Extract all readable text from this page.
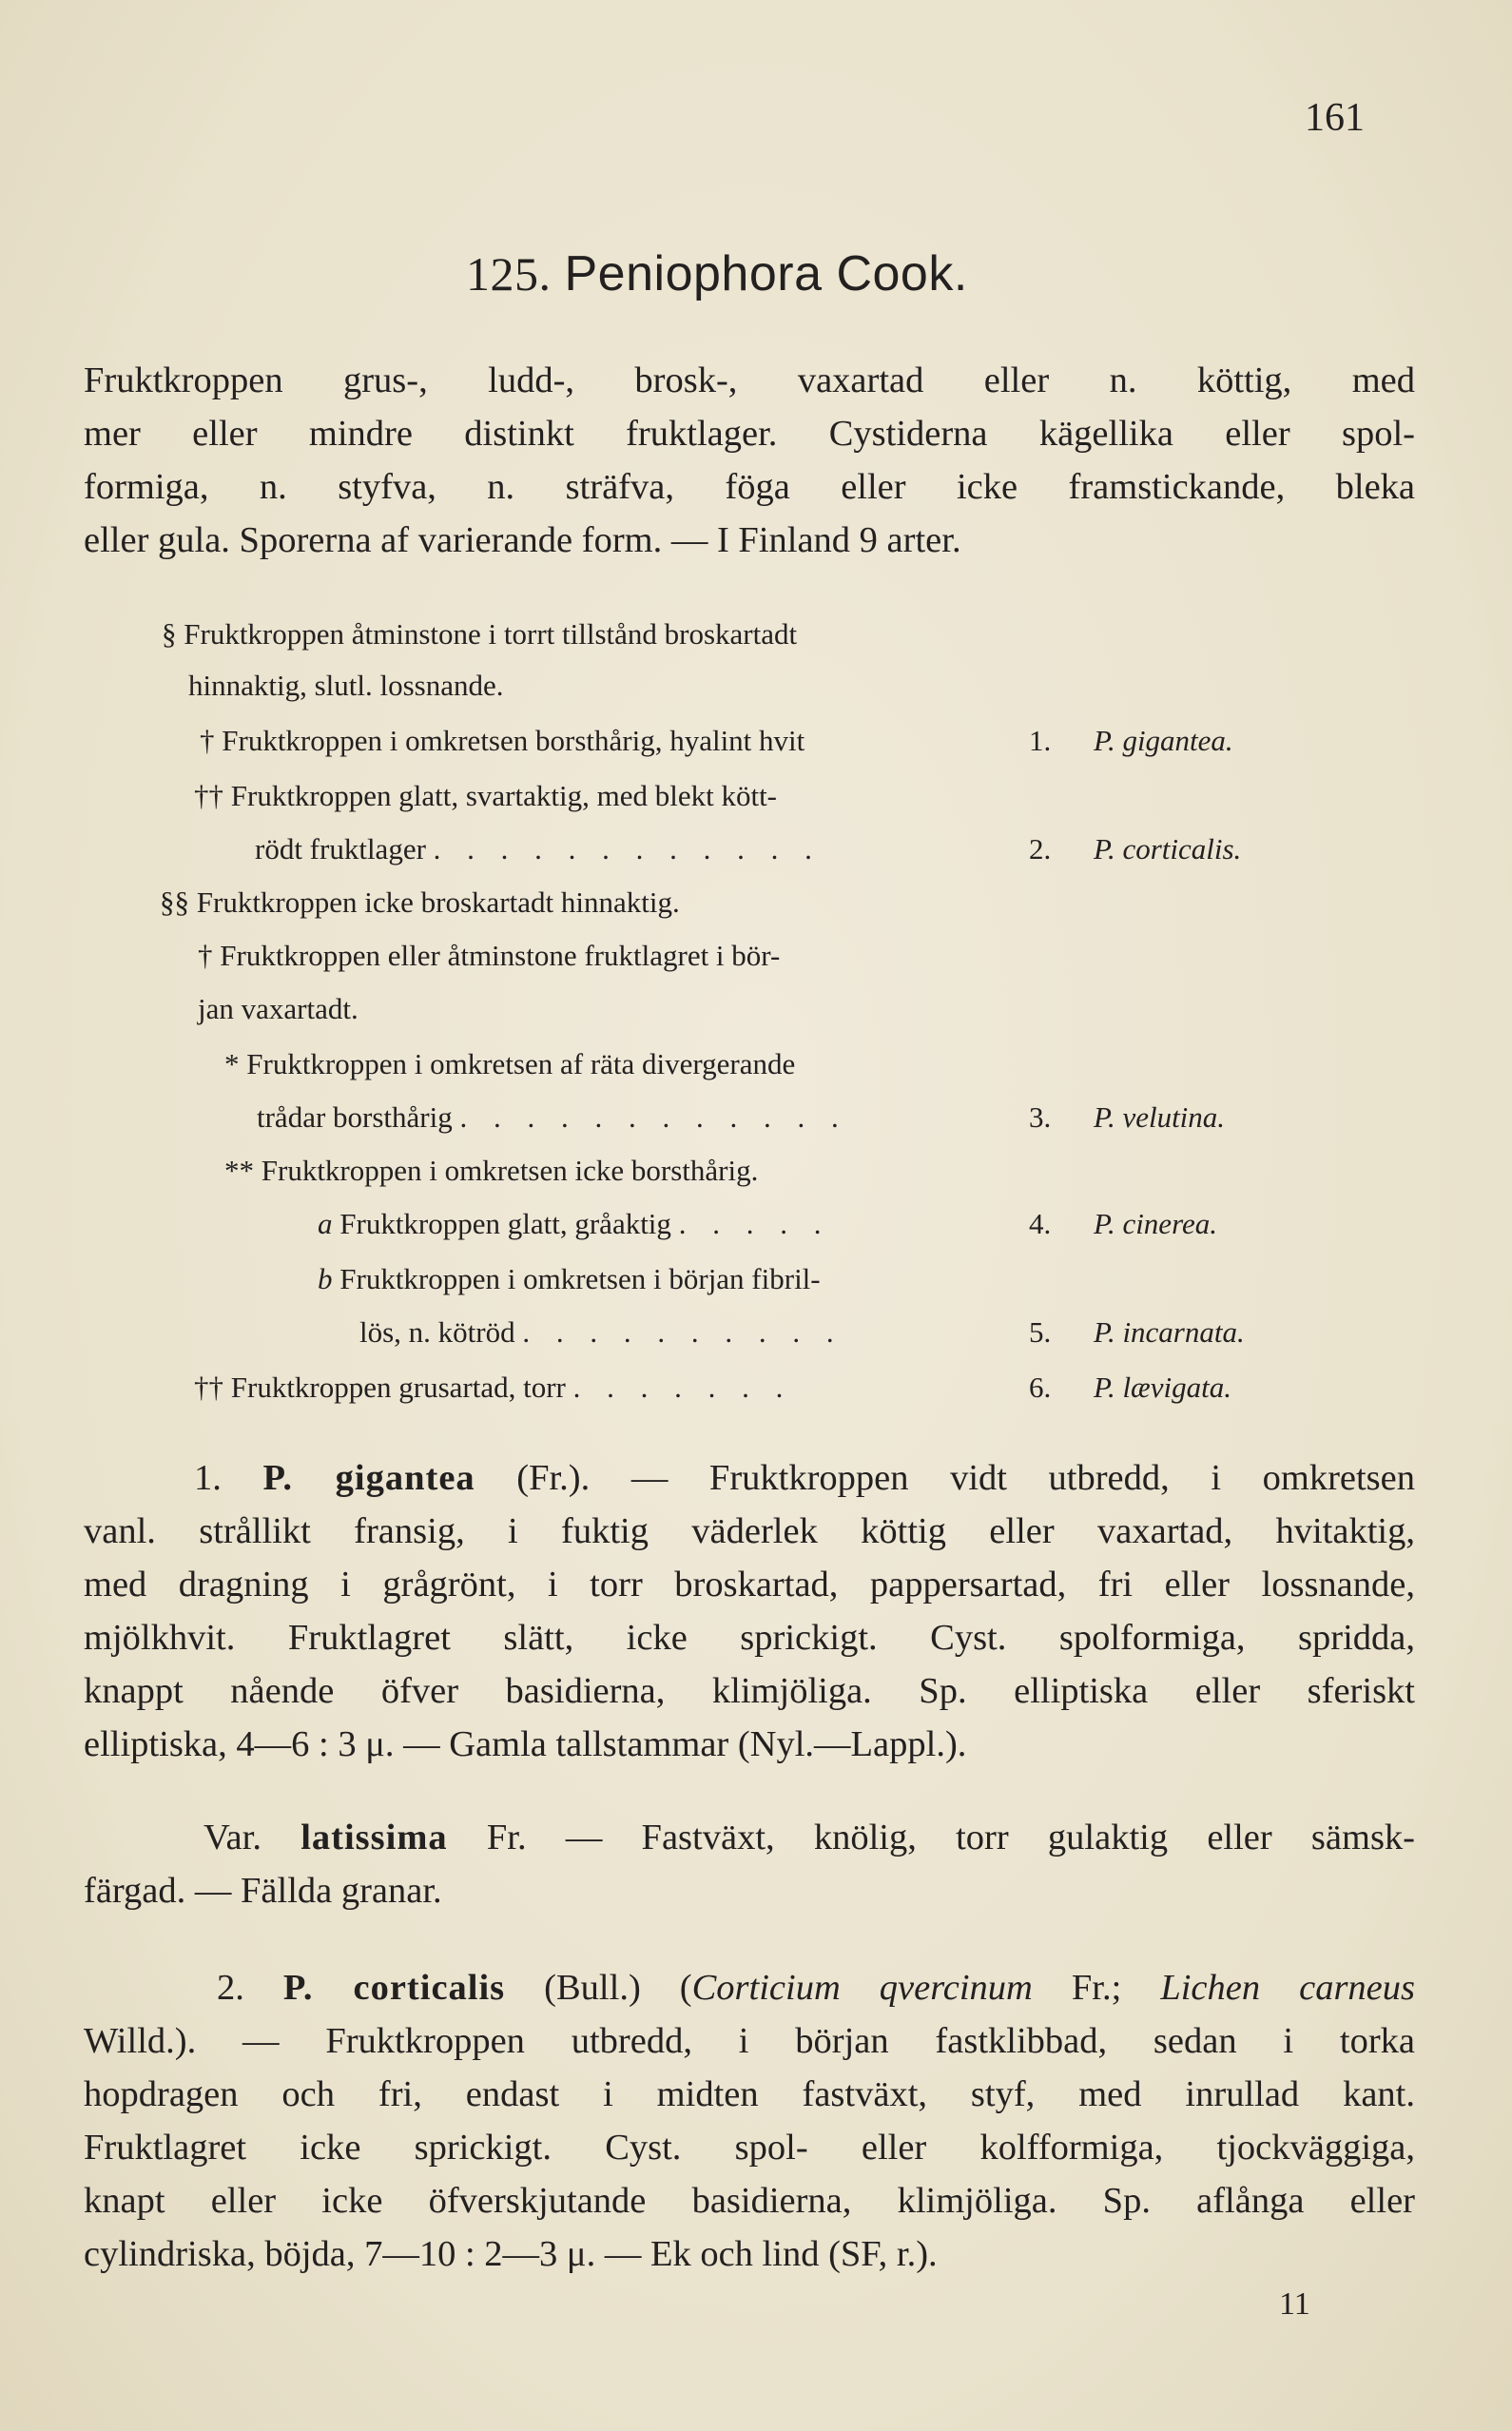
161
125. Peniophora Cook.
Fruktkroppen grus-, ludd-, brosk-, vaxartad eller n. köttig, med
mer eller mindre distinkt fruktlager. Cystiderna kägellika eller spol-
formiga, n. styfva, n. sträfva, föga eller icke framstickande, bleka
eller gula. Sporerna af varierande form. — I Finland 9 arter.
§ Fruktkroppen åtminstone i torrt tillstånd broskartadt
hinnaktig, slutl. lossnande.
† Fruktkroppen i omkretsen borsthårig, hyalint hvit	1. P. gigantea.
†† Fruktkroppen glatt, svartaktig, med blekt kött-
rödt fruktlager . . . . . . . . . . . .	2. P. corticalis.
§§ Fruktkroppen icke broskartadt hinnaktig.
† Fruktkroppen eller åtminstone fruktlagret i bör-
jan vaxartadt.
* Fruktkroppen i omkretsen af räta divergerande
trådar borsthårig . . . . . . . . . . . .	3. P. velutina.
** Fruktkroppen i omkretsen icke borsthårig.
a Fruktkroppen glatt, gråaktig . . . . .	4. P. cinerea.
b Fruktkroppen i omkretsen i början fibril-
lös, n. kötröd . . . . . . . . . .	5. P. incarnata.
†† Fruktkroppen grusartad, torr . . . . . . .	6. P. lævigata.
1. P. gigantea (Fr.). — Fruktkroppen vidt utbredd, i omkretsen
vanl. strållikt fransig, i fuktig väderlek köttig eller vaxartad, hvitaktig,
med dragning i grågrönt, i torr broskartad, pappersartad, fri eller lossnande,
mjölkhvit. Fruktlagret slätt, icke sprickigt. Cyst. spolformiga, spridda,
knappt nående öfver basidierna, klimjöliga. Sp. elliptiska eller sferiskt
elliptiska, 4—6 : 3 μ. — Gamla tallstammar (Nyl.—Lappl.).
Var. latissima Fr. — Fastväxt, knölig, torr gulaktig eller sämsk-
färgad. — Fällda granar.
2. P. corticalis (Bull.) (Corticium qvercinum Fr.; Lichen carneus
Willd.). — Fruktkroppen utbredd, i början fastklibbad, sedan i torka
hopdragen och fri, endast i midten fastväxt, styf, med inrullad kant.
Fruktlagret icke sprickigt. Cyst. spol- eller kolfformiga, tjockväggiga,
knapt eller icke öfverskjutande basidierna, klimjöliga. Sp. aflånga eller
cylindriska, böjda, 7—10 : 2—3 μ. — Ek och lind (SF, r.).
11
